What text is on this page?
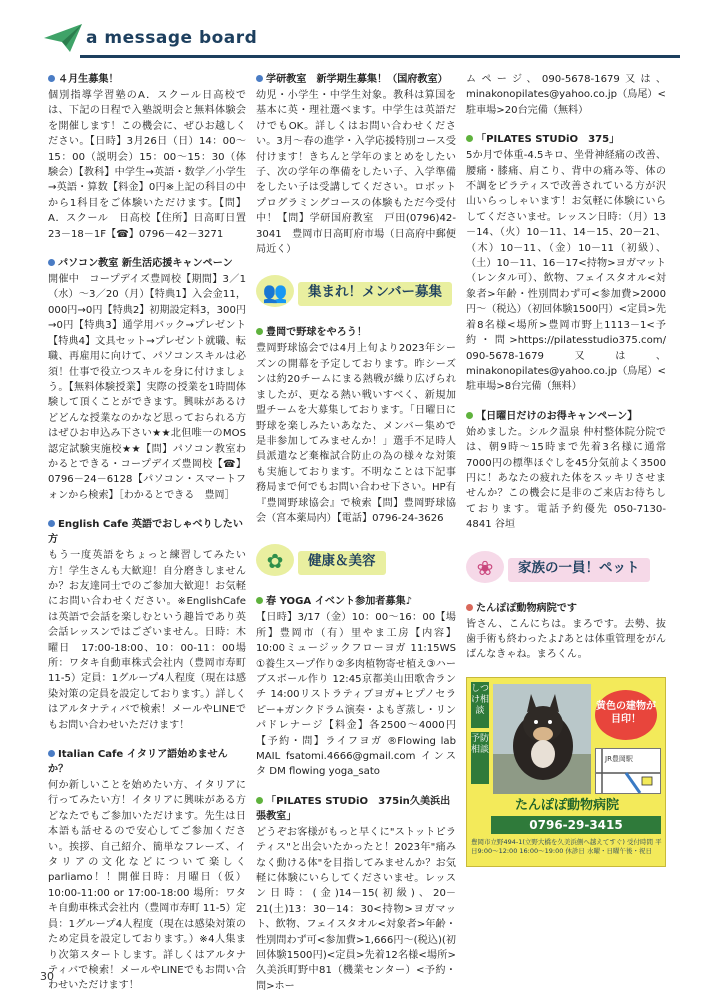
a message board
４月生募集！

個別指導学習塾のA．スクール日高校では、下記の日程で入塾説明会と無料体験会を開催します！この機会に、ぜひお越しください。【日時】3月26日（日）14：00～15：00（説明会）15：00～15：30（体験会）【教科】中学生→英語・数学／小学生→英語・算数【料金】0円※上記の科目の中から1科目をご体験いただけます。【問】A．スクール　日高校【住所】日高町日置 23－18－1F【☎】0796－42－3271

パソコン教室 新生活応援キャンペーン

開催中　コープデイズ豊岡校【期間】3／1（水）～3／20（月）【特典1】入会金11，000円→0円【特典2】初期設定料3，300円→0円【特典3】通学用バック→プレゼント【特典4】文具セット→プレゼント就職、転職、再雇用に向けて、パソコンスキルは必須！仕事で役立つスキルを身に付けましょう。【無料体験授業】実際の授業を1時間体験して頂くことができます。興味があるけどどんな授業なのかなど思っておられる方はぜひお申込み下さい★★北但唯一のMOS認定試験実施校★★【問】パソコン教室わかるとできる・コープデイズ豊岡校【☎】0796－24－6128【パソコン・スマートフォンから検索】［わかるとできる　豊岡］

English Cafe 英語でおしゃべりしたい方

もう一度英語をちょっと練習してみたい方！学生さんも大歓迎！自分磨きしませんか？お友達同士でのご参加大歓迎！お気軽にお問い合わせください。※EnglishCafeは英語で会話を楽しむという趣旨であり英会話レッスンではございません。日時：木曜日　17:00-18:00、10：00-11：00場所：ワタキ自動車株式会社内（豊岡市寿町11-5）定員：1グループ4人程度（現在は感染対策の定員を設定しております。）詳しくはアルタナティバで検索！メールやLINEでもお問い合わせいただけます！

Italian Cafe イタリア語始めませんか？

何か新しいことを始めたい方、イタリアに行ってみたい方！イタリアに興味がある方どなたでもご参加いただけます。先生は日本語も話せるので安心してご参加ください。挨拶、自己紹介、簡単なフレーズ、イタリアの文化などについて楽しくparliamo！！開催日時：月曜日（仮）10:00-11:00 or 17:00-18:00 場所：ワタキ自動車株式会社内（豊岡市寿町 11-5）定員：1グループ4人程度（現在は感染対策のため定員を設定しております。）※4人集まり次第スタートします。詳しくはアルタナティバで検索！メールやLINEでもお問い合わせいただけます！

学研教室　新学期生募集！（国府教室）

幼児・小学生・中学生対象。教科は算国を基本に英・理社選べます。中学生は英語だけでもOK。詳しくはお問い合わせください。3月～春の進学・入学応援特別コース受付けます！きちんと学年のまとめをしたい子、次の学年の準備をしたい子、入学準備をしたい子は受講してください。ロボットプログラミングコースの体験もただ今受付中！【問】学研国府教室　戸田(0796)42-3041　豊岡市日高町府市場（日高府中郵便局近く）

👥	集まれ！メンバー募集
豊岡で野球をやろう！

豊岡野球協会では4月上旬より2023年シーズンの開幕を予定しております。昨シーズンは約20チームにまる熱戦が繰り広げられましたが、更なる熱い戦いすべく、新規加盟チームを大募集しております。「日曜日に野球を楽しみたいあなた、メンバー集めで是非参加してみませんか！」選手不足時人員派遣など棄権試合防止の為の様々な対策も実施しております。不明なことは下記事務局まで何でもお問い合わせ下さい。HP有『豊岡野球協会』で検索【問】豊岡野球協会（宮本薬局内）【電話】0796-24-3626

✿	健康＆美容
春 YOGA イベント参加者募集♪

【日時】3/17（金）10：00～16：00【場所】豊岡市（有）里やま工房【内容】10:00ミュージックフローヨガ 11:15WS ①養生スープ作り②多肉植物寄せ植え③ハーブスボール作り 12:45京都美山田歌舎ランチ 14:00リストラティブヨガ+ヒプノセラピー+ガンクドラム演奏・よもぎ蒸し・リンパドレナージ【料金】各2500～4000円【予約・問】ライフヨガ ®Flowing lab MAIL fsatomi.4666@gmail.com インスタ DM flowing yoga_sato

「PILATES STUDiO　375in久美浜出張教室」

どうぞお客様がもっと早くに"ストットピラティス"と出会いたかったと！2023年"痛みなく動ける体"を目指してみませんか？お気軽に体験にいらしてくださいませ。レッスン日時：(金)14－15(初級)、20－21(土)13：30－14：30<持物>ヨガマット、飲物、フェイスタオル<対象者>年齢・性別問わず可<参加費>1,666円～(税込)(初回体験1500円)<定員>先着12名様<場所>久美浜町野中81（機業センター）<予約・問>ホー

ムページ、090-5678-1679又は、minakonopilates@yahoo.co.jp（鳥尾）<駐車場>20台完備（無料）

「PILATES STUDiO　375」

5か月で体重-4.5キロ、坐骨神経痛の改善、腰痛・膝痛、肩こり、背中の痛み等、体の不調をピラティスで改善されている方が沢山いらっしゃいます！お気軽に体験にいらしてくださいませ。レッスン日時：（月）13－14、（火）10－11、14－15、20－21、（木）10－11、（金）10－11（初級）、（土）10－11、16－17<持物>ヨガマット（レンタル可）、飲物、フェイスタオル<対象者>年齢・性別問わず可<参加費>2000円～（税込）（初回体験1500円）<定員>先着8名様<場所>豊岡市野上1113－1<予約・問>https://pilatesstudio375.com/　090-5678-1679又は、minakonopilates@yahoo.co.jp（鳥尾）<駐車場>8台完備（無料）

【日曜日だけのお得キャンペーン】

始めました。シルク温泉 仲村整体院分院では、朝9時～15時まで先着3名様に通常7000円の標準ほぐしを45分気前よく3500円に！あなたの疲れた体をスッキリさせませんか？この機会に是非のご来店お待ちしております。電話予約優先 050-7130-4841 谷垣

❀	家族の一員！ペット
たんぽぽ動物病院です

皆さん、こんにちは。まろです。去勢、抜歯手術も終わったよ♪あとは体重管理をがんばんなきゃね。まろくん。

しつけ相談
予防相談
黄色の建物が目印！
JR豊岡駅
たんぽぽ動物病院
0796-29-3415
豊岡市立野494-1(立野大橋を久美浜側へ越えてすぐ) 受付時間 平日9:00～12:00 16:00～19:00 休診日 水曜・日曜午後・祝日
30
